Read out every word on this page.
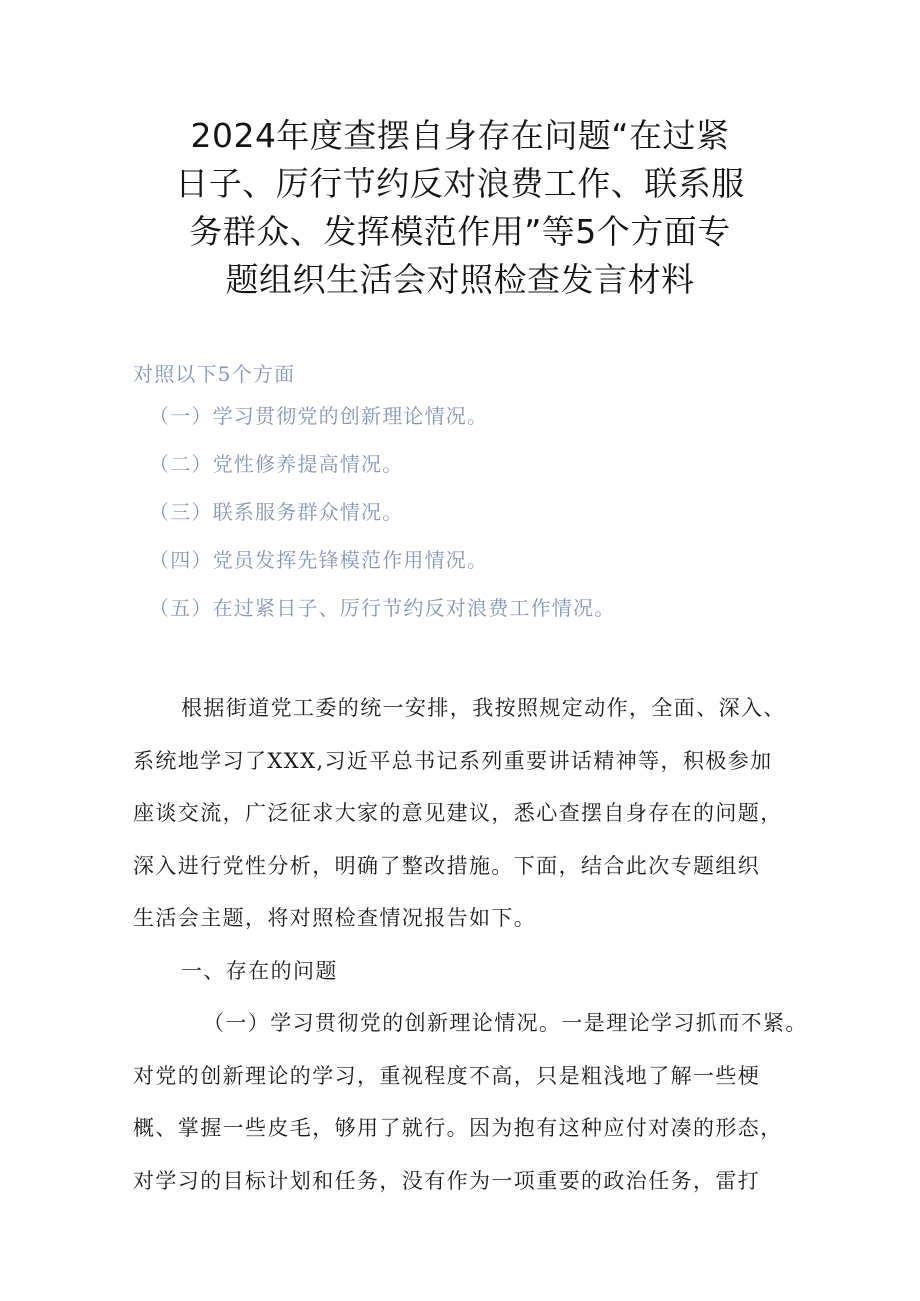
2024年度查摆自身存在问题“在过紧
日子、厉行节约反对浪费工作、联系服
务群众、发挥模范作用”等5个方面专
题组织生活会对照检查发言材料
对照以下5个方面
（一）学习贯彻党的创新理论情况。
（二）党性修养提高情况。
（三）联系服务群众情况。
（四）党员发挥先锋模范作用情况。
（五）在过紧日子、厉行节约反对浪费工作情况。
根据街道党工委的统一安排，我按照规定动作，全面、深入、
系统地学习了XXX,习近平总书记系列重要讲话精神等，积极参加
座谈交流，广泛征求大家的意见建议，悉心查摆自身存在的问题，
深入进行党性分析，明确了整改措施。下面，结合此次专题组织
生活会主题，将对照检查情况报告如下。
一、存在的问题
（一）学习贯彻党的创新理论情况。一是理论学习抓而不紧。
对党的创新理论的学习，重视程度不高，只是粗浅地了解一些梗
概、掌握一些皮毛，够用了就行。因为抱有这种应付对凑的形态，
对学习的目标计划和任务，没有作为一项重要的政治任务，雷打
